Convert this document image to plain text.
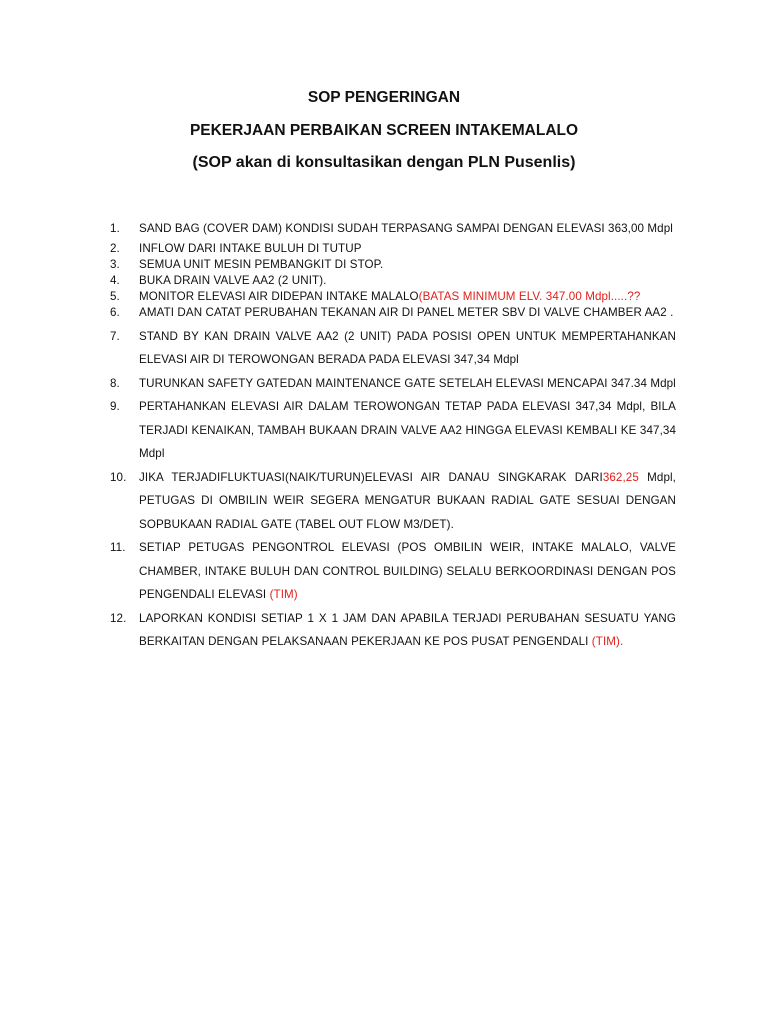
SOP PENGERINGAN
PEKERJAAN PERBAIKAN SCREEN INTAKEMALALO
(SOP akan di konsultasikan dengan PLN Pusenlis)
1.	SAND BAG (COVER DAM) KONDISI SUDAH TERPASANG SAMPAI DENGAN ELEVASI 363,00 Mdpl
2.	INFLOW DARI INTAKE BULUH DI TUTUP
3.	SEMUA UNIT MESIN PEMBANGKIT DI STOP.
4.	BUKA DRAIN VALVE AA2 (2 UNIT).
5.	MONITOR ELEVASI AIR DIDEPAN INTAKE MALALO(BATAS MINIMUM ELV. 347.00 Mdpl.....??
6.	AMATI DAN CATAT PERUBAHAN TEKANAN AIR DI PANEL METER SBV DI VALVE CHAMBER AA2 .
7.	STAND BY KAN DRAIN VALVE AA2 (2 UNIT) PADA POSISI OPEN UNTUK MEMPERTAHANKAN ELEVASI AIR DI TEROWONGAN BERADA PADA ELEVASI 347,34 Mdpl
8.	TURUNKAN SAFETY GATEDAN MAINTENANCE GATE SETELAH ELEVASI MENCAPAI 347.34 Mdpl
9.	PERTAHANKAN ELEVASI AIR DALAM TEROWONGAN TETAP PADA ELEVASI 347,34 Mdpl, BILA TERJADI KENAIKAN, TAMBAH BUKAAN DRAIN VALVE AA2 HINGGA ELEVASI KEMBALI KE 347,34 Mdpl
10.	JIKA TERJADIFLUKTUASI(NAIK/TURUN)ELEVASI AIR DANAU SINGKARAK DARI362,25 Mdpl, PETUGAS DI OMBILIN WEIR SEGERA MENGATUR BUKAAN RADIAL GATE SESUAI DENGAN SOPBUKAAN RADIAL GATE (TABEL OUT FLOW M3/DET).
11.	SETIAP PETUGAS PENGONTROL ELEVASI (POS OMBILIN WEIR, INTAKE MALALO, VALVE CHAMBER, INTAKE BULUH DAN CONTROL BUILDING) SELALU BERKOORDINASI DENGAN POS PENGENDALI ELEVASI (TIM)
12.	LAPORKAN KONDISI SETIAP 1 X 1 JAM DAN APABILA TERJADI PERUBAHAN SESUATU YANG BERKAITAN DENGAN PELAKSANAAN PEKERJAAN KE POS PUSAT PENGENDALI (TIM).
